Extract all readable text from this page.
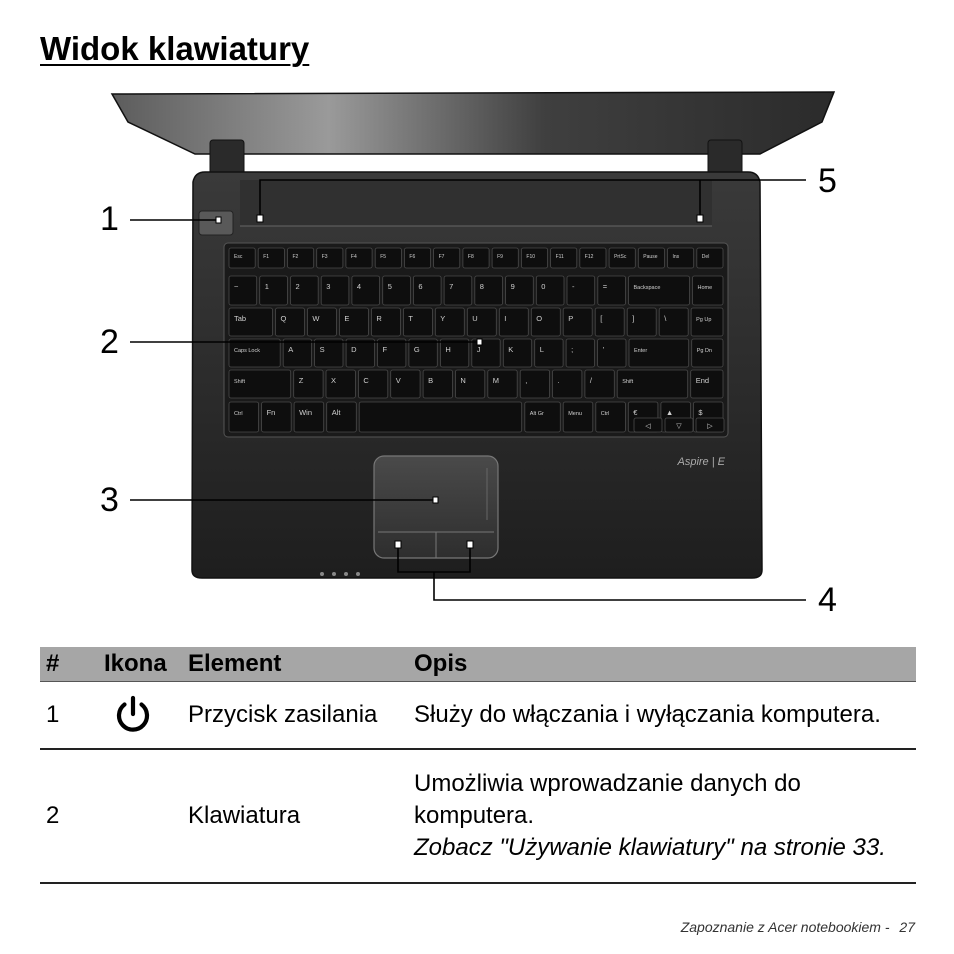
Widok klawiatury
Esc	F1	F2	F3	F4	F5	F6	F7	F8	F9	F10	F11	F12	PrtSc	Pause	Ins	Del
~	1	2	3	4	5	6	7	8	9	0	-	=	Backspace	Home
Tab	Q	W	E	R	T	Y	U	I	O	P	[	]	\	Pg Up
Caps Lock	A	S	D	F	G	H	J	K	L	;	'	Enter	Pg Dn
Shift	Z	X	C	V	B	N	M	,	.	/	Shift	End
Ctrl	Fn	Win	Alt	Alt Gr	Menu	Ctrl	€	▲	$
◁	▽	▷
Aspire | E
1
2
3
4
5
#	Ikona	Element	Opis
1		Przycisk zasilania	Służy do włączania i wyłączania komputera.

2		Klawiatura	Umożliwia wprowadzanie danych do komputera.
Zobacz "Używanie klawiatury" na stronie 33.
Zapoznanie z Acer notebookiem - 27
